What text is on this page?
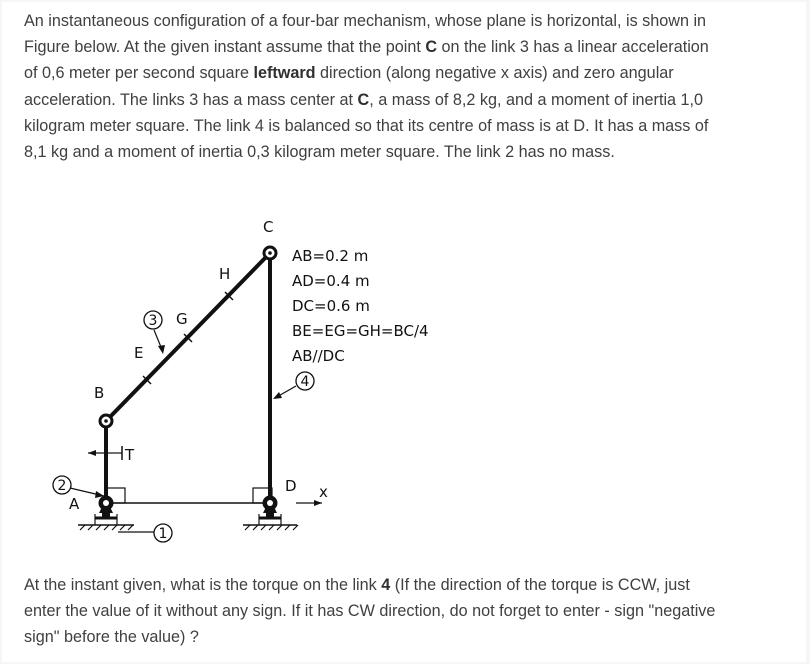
An instantaneous configuration of a four-bar mechanism, whose plane is horizontal, is shown in
Figure below. At the given instant assume that the point C on the link 3 has a linear acceleration
of 0,6 meter per second square leftward direction (along negative x axis) and zero angular
acceleration. The links 3 has a mass center at C, a mass of 8,2 kg, and a moment of inertia 1,0
kilogram meter square. The link 4 is balanced so that its centre of mass is at D. It has a mass of
8,1 kg and a moment of inertia 0,3 kilogram meter square. The link 2 has no mass.

At the instant given, what is the torque on the link 4 (If the direction of the torque is CCW, just
enter the value of it without any sign. If it has CW direction, do not forget to enter - sign "negative
sign" before the value) ?

1
2
3
4
A
B
C
D
E
G
H
T
x
AB=0.2 m
AD=0.4 m
DC=0.6 m
BE=EG=GH=BC/4
AB//DC
